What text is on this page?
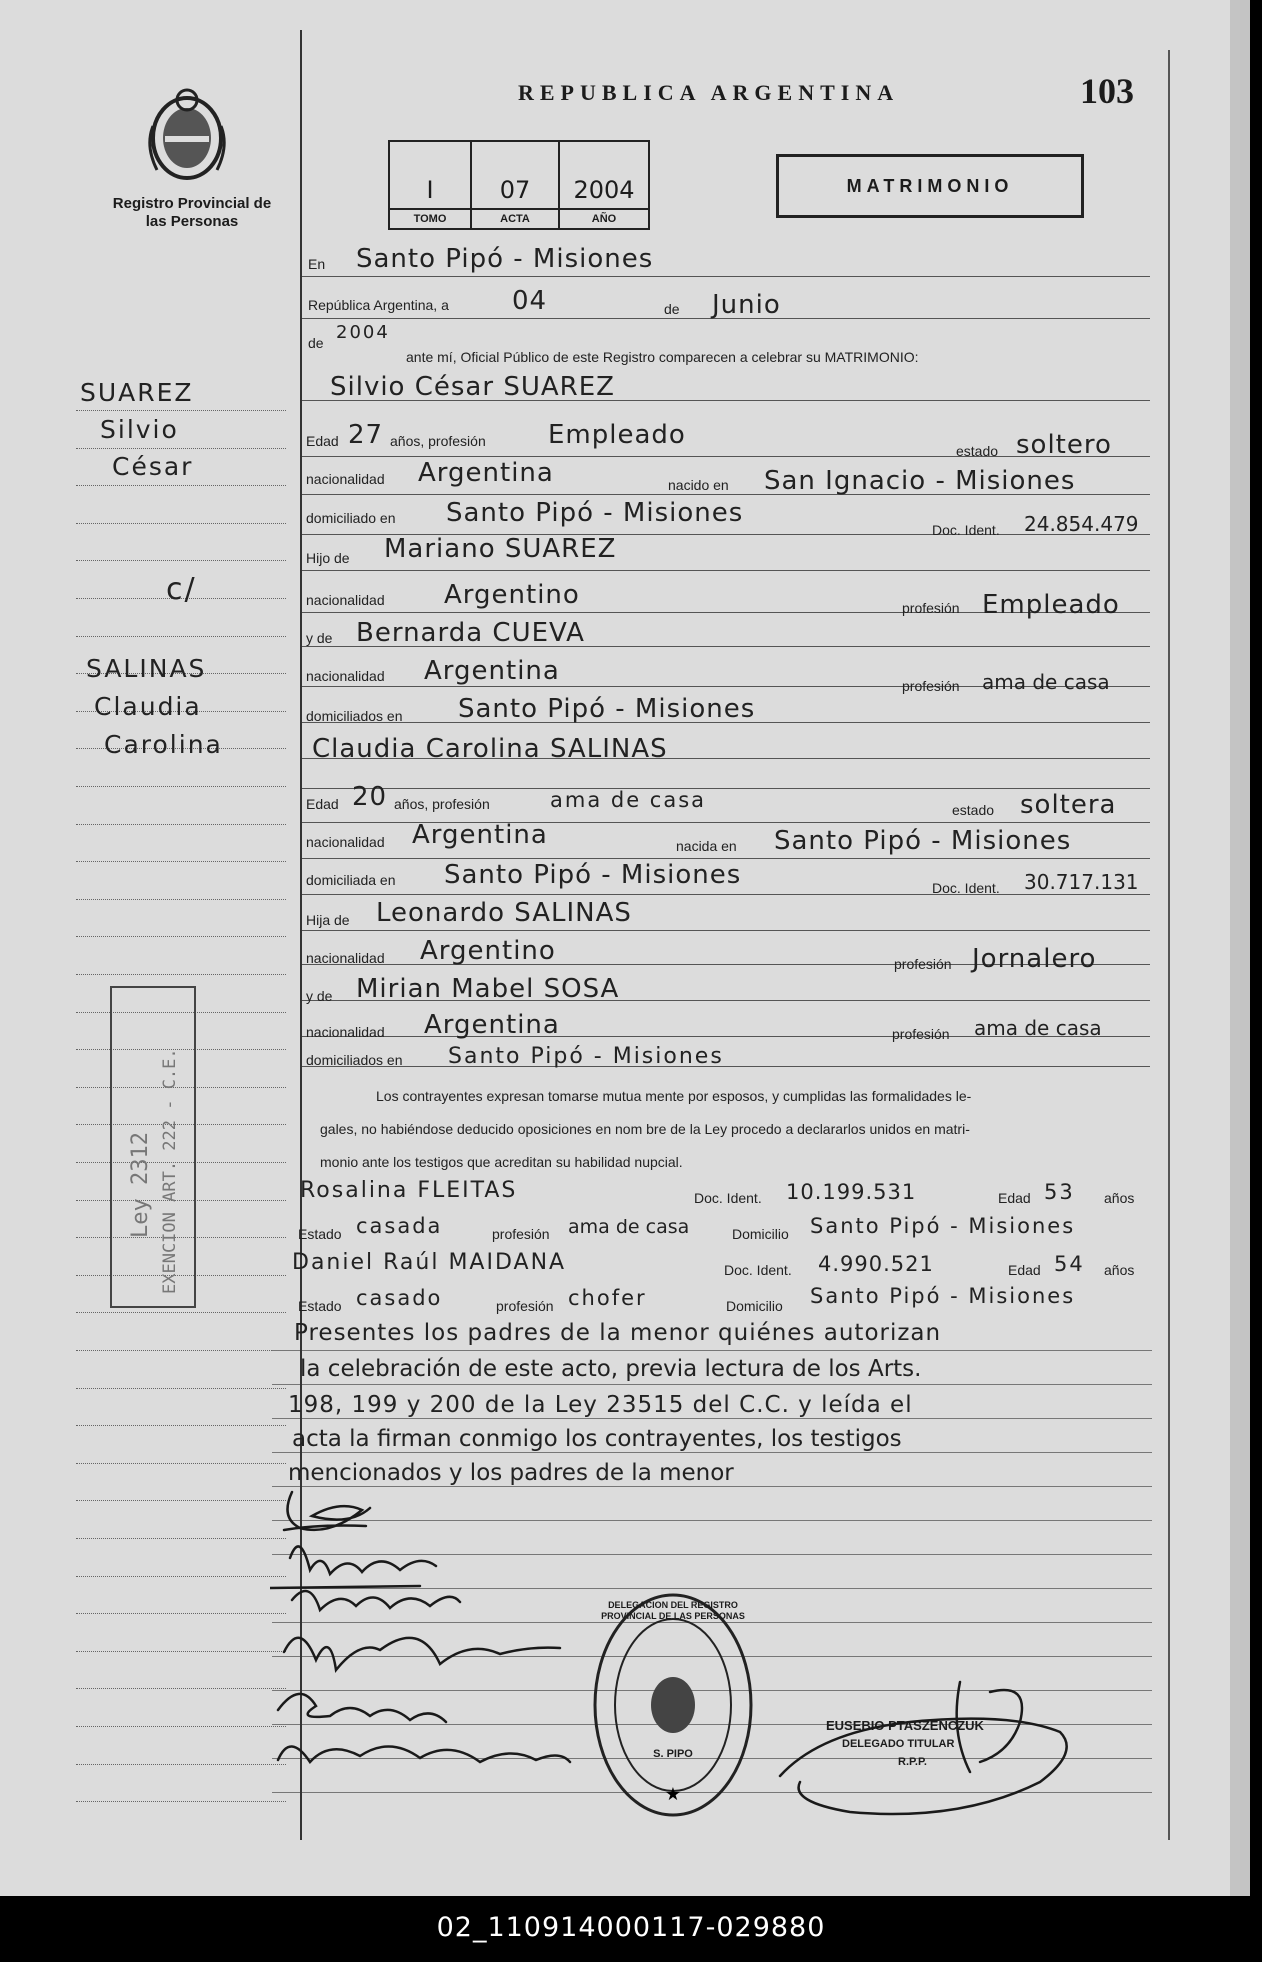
Registro Provincial de las Personas
REPUBLICA ARGENTINA	103
I
TOMO
07
ACTA
2004
AÑO
MATRIMONIO
SUAREZ
Silvio
César
c/
SALINAS
Claudia
Carolina
Ley 2312 EXENCION ART. 222 - C.E.
En Santo Pipó - Misiones
República Argentina, a 04	de Junio
de 2004
ante mí, Oficial Público de este Registro comparecen a celebrar su MATRIMONIO:
Silvio César SUAREZ
Edad 27 años, profesión Empleado
estado soltero
nacionalidad Argentina	nacido en San Ignacio - Misiones
domiciliado en Santo Pipó - Misiones
Doc. Ident. 24.854.479
Hijo de Mariano SUAREZ
nacionalidad Argentino	profesión Empleado
y de Bernarda CUEVA
nacionalidad Argentina	profesión ama de casa
domiciliados en Santo Pipó - Misiones
Claudia Carolina SALINAS
Edad 20 años, profesión	ama de casa	estado soltera
nacionalidad Argentina	nacida en Santo Pipó - Misiones
domiciliada en Santo Pipó - Misiones	Doc. Ident. 30.717.131
Hija de Leonardo SALINAS
nacionalidad Argentino	profesión Jornalero
y de Mirian Mabel SOSA
nacionalidad Argentina	profesión ama de casa
domiciliados en Santo Pipó - Misiones
Los contrayentes expresan tomarse mutua mente por esposos, y cumplidas las formalidades le-
gales, no habiéndose deducido oposiciones en nom bre de la Ley procedo a declararlos unidos en matri-
monio ante los testigos que acreditan su habilidad nupcial.
Rosalina FLEITAS	Doc. Ident. 10.199.531	Edad 53 años
Estado casada	profesión ama de casa	Domicilio Santo Pipó - Misiones
Daniel Raúl MAIDANA	Doc. Ident. 4.990.521	Edad 54 años
Estado casado	profesión chofer	Domicilio Santo Pipó - Misiones
Presentes los padres de la menor quiénes autorizan
la celebración de este acto, previa lectura de los Arts.
198, 199 y 200 de la Ley 23515 del C.C. y leída el
acta la firman conmigo los contrayentes, los testigos
mencionados y los padres de la menor
★
DELEGACION DEL REGISTRO PROVINCIAL DE LAS PERSONAS
S. PIPO
EUSEBIO PTASZENCZUK
DELEGADO TITULAR
R.P.P.
02_110914000117-029880
